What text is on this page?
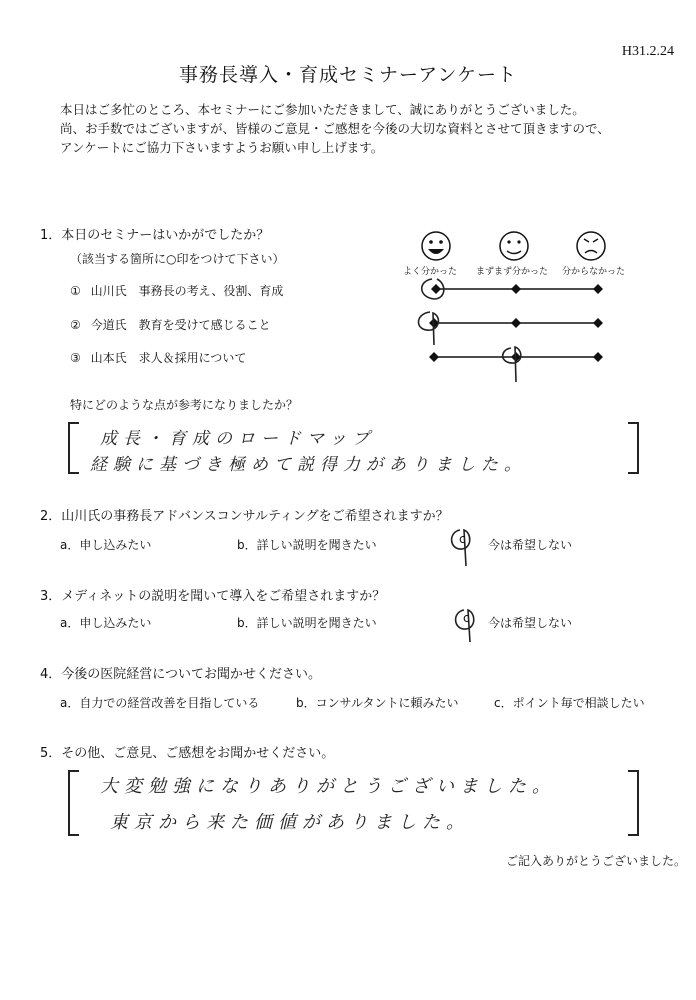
H31.2.24
事務長導入・育成セミナーアンケート
本日はご多忙のところ、本セミナーにご参加いただきまして、誠にありがとうございました。
尚、お手数ではございますが、皆様のご意見・ご感想を今後の大切な資料とさせて頂きますので、
アンケートにご協力下さいますようお願い申し上げます。
1．本日のセミナーはいかがでしたか？
（該当する箇所に○印をつけて下さい）
よく分かった まずまず分かった 分からなかった
① 山川氏　事務長の考え、役割、育成
② 今道氏　教育を受けて感じること
③ 山本氏　求人＆採用について
特にどのような点が参考になりましたか？
成長・育成のロードマップ
経験に基づき極めて説得力がありました。
2．山川氏の事務長アドバンスコンサルティングをご希望されますか？
a．申し込みたい	b．詳しい説明を聞きたい	今は希望しない
c
3．メディネットの説明を聞いて導入をご希望されますか？
a．申し込みたい	b．詳しい説明を聞きたい	今は希望しない
c
4．今後の医院経営についてお聞かせください。
a．自力での経営改善を目指している	b．コンサルタントに頼みたい	c．ポイント毎で相談したい
5．その他、ご意見、ご感想をお聞かせください。
大変勉強になりありがとうございました。
東京から来た価値がありました。
ご記入ありがとうございました。
